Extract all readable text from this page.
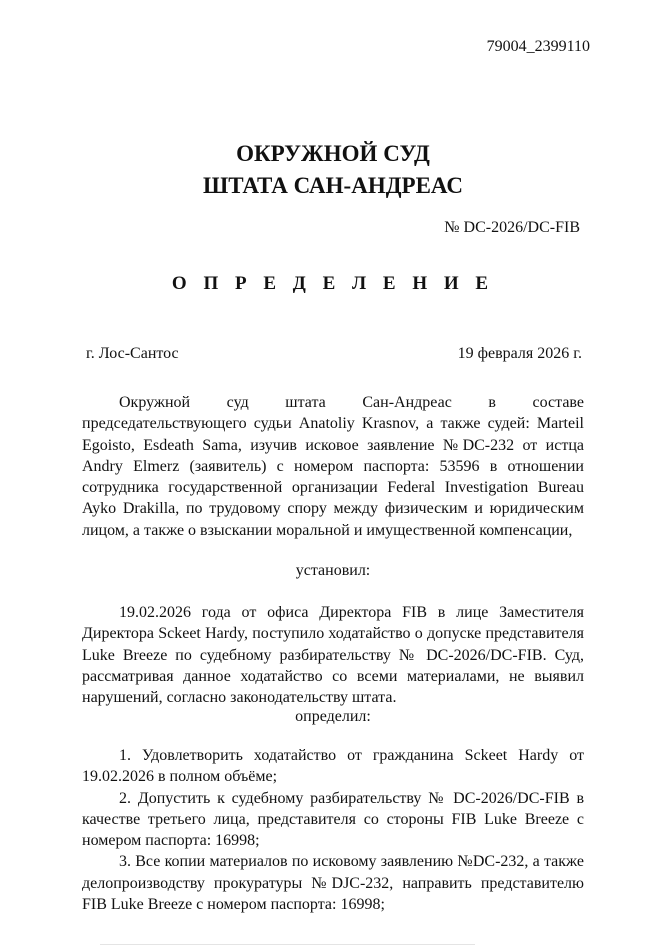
79004_2399110
ОКРУЖНОЙ СУД
ШТАТА САН-АНДРЕАС
№ DC-2026/DC-FIB
О П Р Е Д Е Л Е Н И Е
г. Лос-Сантос	19 февраля 2026 г.

Окружной суд штата Сан-Андреас в составе председательствующего судьи Anatoliy Krasnov, а также судей: Marteil Egoisto, Esdeath Sama, изучив исковое заявление №DC-232 от истца Andry Elmerz (заявитель) с номером паспорта: 53596 в отношении сотрудника государственной организации Federal Investigation Bureau Ayko Drakilla, по трудовому спору между физическим и юридическим лицом, а также о взыскании моральной и имущественной компенсации,

установил:

19.02.2026 года от офиса Директора FIB в лице Заместителя Директора Sckeet Hardy, поступило ходатайство о допуске представителя Luke Breeze по судебному разбирательству № DC-2026/DC-FIB. Суд, рассматривая данное ходатайство со всеми материалами, не выявил нарушений, согласно законодательству штата.

определил:

1. Удовлетворить ходатайство от гражданина Sckeet Hardy от 19.02.2026 в полном объёме;

2. Допустить к судебному разбирательству № DC-2026/DC-FIB в качестве третьего лица, представителя со стороны FIB Luke Breeze с номером паспорта: 16998;

3. Все копии материалов по исковому заявлению №DC-232, а также делопроизводству прокуратуры №DJC-232, направить представителю FIB Luke Breeze с номером паспорта: 16998;
